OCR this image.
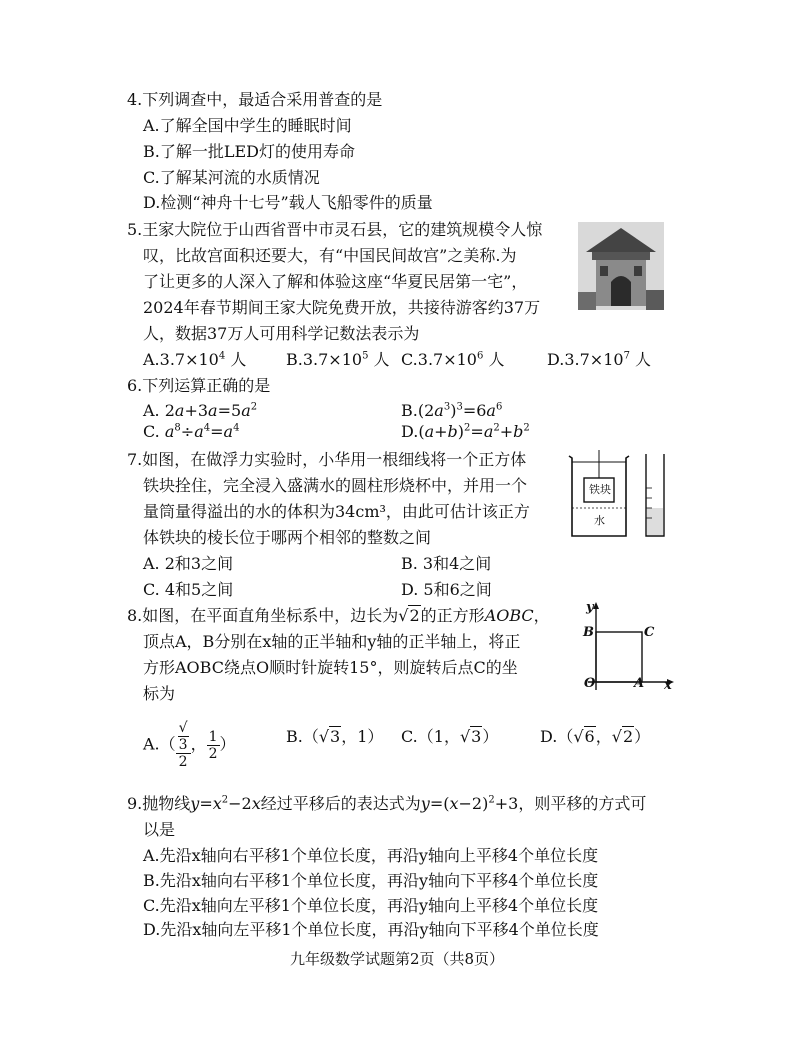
4.下列调查中，最适合采用普查的是
A.了解全国中学生的睡眠时间
B.了解一批LED灯的使用寿命
C.了解某河流的水质情况
D.检测“神舟十七号”载人飞船零件的质量
5.王家大院位于山西省晋中市灵石县，它的建筑规模令人惊
叹，比故宫面积还要大，有“中国民间故宫”之美称.为
了让更多的人深入了解和体验这座“华夏民居第一宅”，
2024年春节期间王家大院免费开放，共接待游客约37万
人，数据37万人可用科学记数法表示为
$A.3.7\times 10^4$ 人 $B.3.7\times 10^5$ 人 $C.3.7\times 10^6$ 人	$D.3.7\times 10^7$ 人
6.下列运算正确的是
A. $2a+3a=5a^2$	$B.(2a^3)^3=6a^6$
C. $a^8\div a^4=a^4$	$D.(a+b)^2=a^2+b^2$
7.如图，在做浮力实验时，小华用一根细线将一个正方体
铁块拴住，完全浸入盛满水的圆柱形烧杯中，并用一个
量筒量得溢出的水的体积为34cm³，由此可估计该正方
体铁块的棱长位于哪两个相邻的整数之间
A. 2和3之间	B. 3和4之间
C. 4和5之间	D. 5和6之间
铁块
水
8.如图，在平面直角坐标系中，边长为√2的正方形AOBC，
顶点A，B分别在x轴的正半轴和y轴的正半轴上，将正
方形AOBC绕点O顺时针旋转15°，则旋转后点C的坐
标为
y
x
B	C
O	A
A.（ √
3
2 ， $\frac{1}{2}$ ）	B.（√3，1） C.（1，√3）	D.（√6，√2）
9.抛物线$y=x^2-2x$经过平移后的表达式为$y=(x-2)^2+3$，则平移的方式可
以是
A.先沿x轴向右平移1个单位长度，再沿y轴向上平移4个单位长度
B.先沿x轴向右平移1个单位长度，再沿y轴向下平移4个单位长度
C.先沿x轴向左平移1个单位长度，再沿y轴向上平移4个单位长度
D.先沿x轴向左平移1个单位长度，再沿y轴向下平移4个单位长度
九年级数学试题第2页（共8页）
